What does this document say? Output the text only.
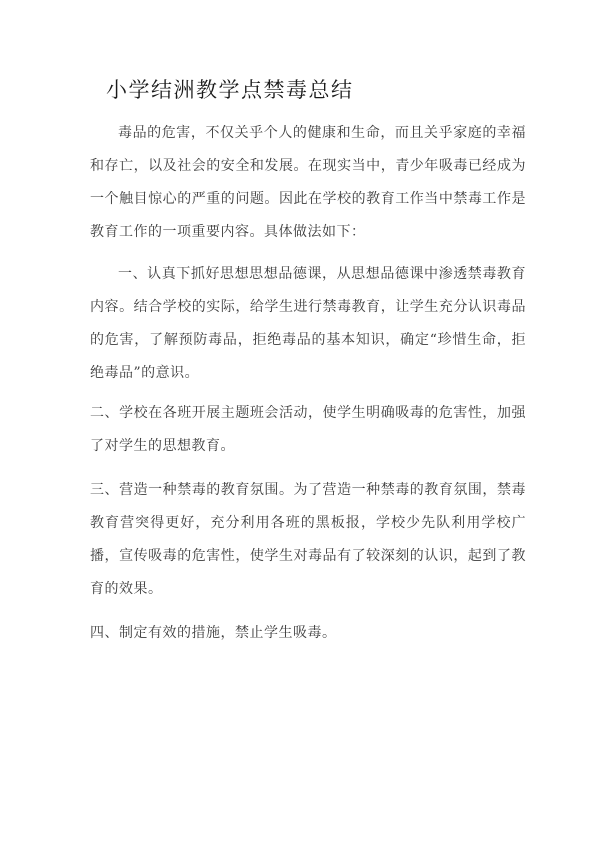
小学结洲教学点禁毒总结

毒品的危害，不仅关乎个人的健康和生命，而且关乎家庭的幸福和存亡，以及社会的安全和发展。在现实当中，青少年吸毒已经成为一个触目惊心的严重的问题。因此在学校的教育工作当中禁毒工作是教育工作的一项重要内容。具体做法如下：

一、认真下抓好思想思想品德课，从思想品德课中渗透禁毒教育内容。结合学校的实际，给学生进行禁毒教育，让学生充分认识毒品的危害，了解预防毒品，拒绝毒品的基本知识，确定“珍惜生命，拒绝毒品”的意识。

二、学校在各班开展主题班会活动，使学生明确吸毒的危害性，加强了对学生的思想教育。

三、营造一种禁毒的教育氛围。为了营造一种禁毒的教育氛围，禁毒教育营突得更好，充分利用各班的黑板报，学校少先队利用学校广播，宣传吸毒的危害性，使学生对毒品有了较深刻的认识，起到了教育的效果。

四、制定有效的措施，禁止学生吸毒。
